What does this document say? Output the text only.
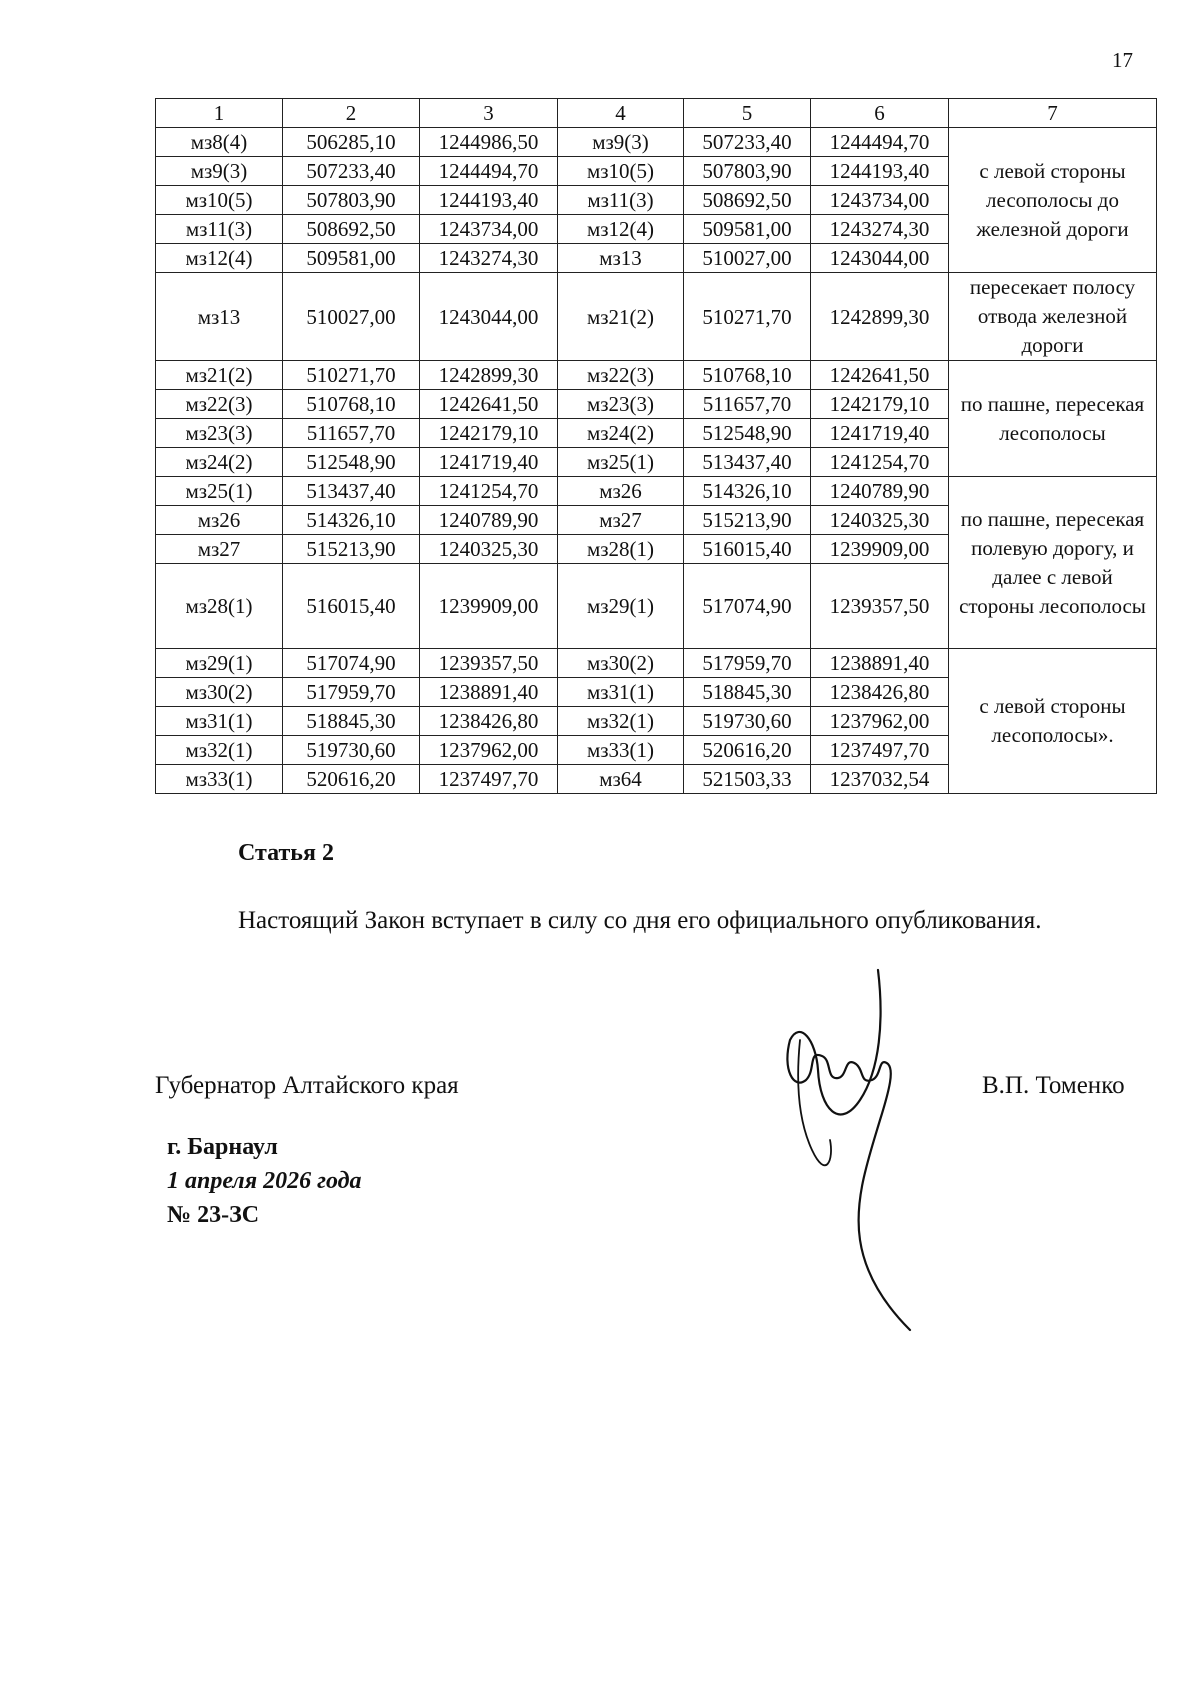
17
1	2	3	4	5	6	7
мз8(4)	506285,10	1244986,50	мз9(3)	507233,40	1244494,70	с левой стороны лесополосы до железной дороги
мз9(3)	507233,40	1244494,70	мз10(5)	507803,90	1244193,40	
мз10(5)	507803,90	1244193,40	мз11(3)	508692,50	1243734,00	
мз11(3)	508692,50	1243734,00	мз12(4)	509581,00	1243274,30	
мз12(4)	509581,00	1243274,30	мз13	510027,00	1243044,00	
мз13	510027,00	1243044,00	мз21(2)	510271,70	1242899,30	пересекает полосу отвода железной дороги
мз21(2)	510271,70	1242899,30	мз22(3)	510768,10	1242641,50	по пашне, пересекая лесополосы
мз22(3)	510768,10	1242641,50	мз23(3)	511657,70	1242179,10	
мз23(3)	511657,70	1242179,10	мз24(2)	512548,90	1241719,40	
мз24(2)	512548,90	1241719,40	мз25(1)	513437,40	1241254,70	
мз25(1)	513437,40	1241254,70	мз26	514326,10	1240789,90	по пашне, пересекая полевую дорогу, и далее с левой стороны лесополосы
мз26	514326,10	1240789,90	мз27	515213,90	1240325,30	
мз27	515213,90	1240325,30	мз28(1)	516015,40	1239909,00	
мз28(1)	516015,40	1239909,00	мз29(1)	517074,90	1239357,50	
мз29(1)	517074,90	1239357,50	мз30(2)	517959,70	1238891,40	с левой стороны лесополосы».
мз30(2)	517959,70	1238891,40	мз31(1)	518845,30	1238426,80	
мз31(1)	518845,30	1238426,80	мз32(1)	519730,60	1237962,00	
мз32(1)	519730,60	1237962,00	мз33(1)	520616,20	1237497,70	
мз33(1)	520616,20	1237497,70	мз64	521503,33	1237032,54	
Статья 2
Настоящий Закон вступает в силу со дня его официального опубликования.
Губернатор Алтайского края	В.П. Томенко
г. Барнаул
1 апреля 2026 года
№ 23-ЗС
